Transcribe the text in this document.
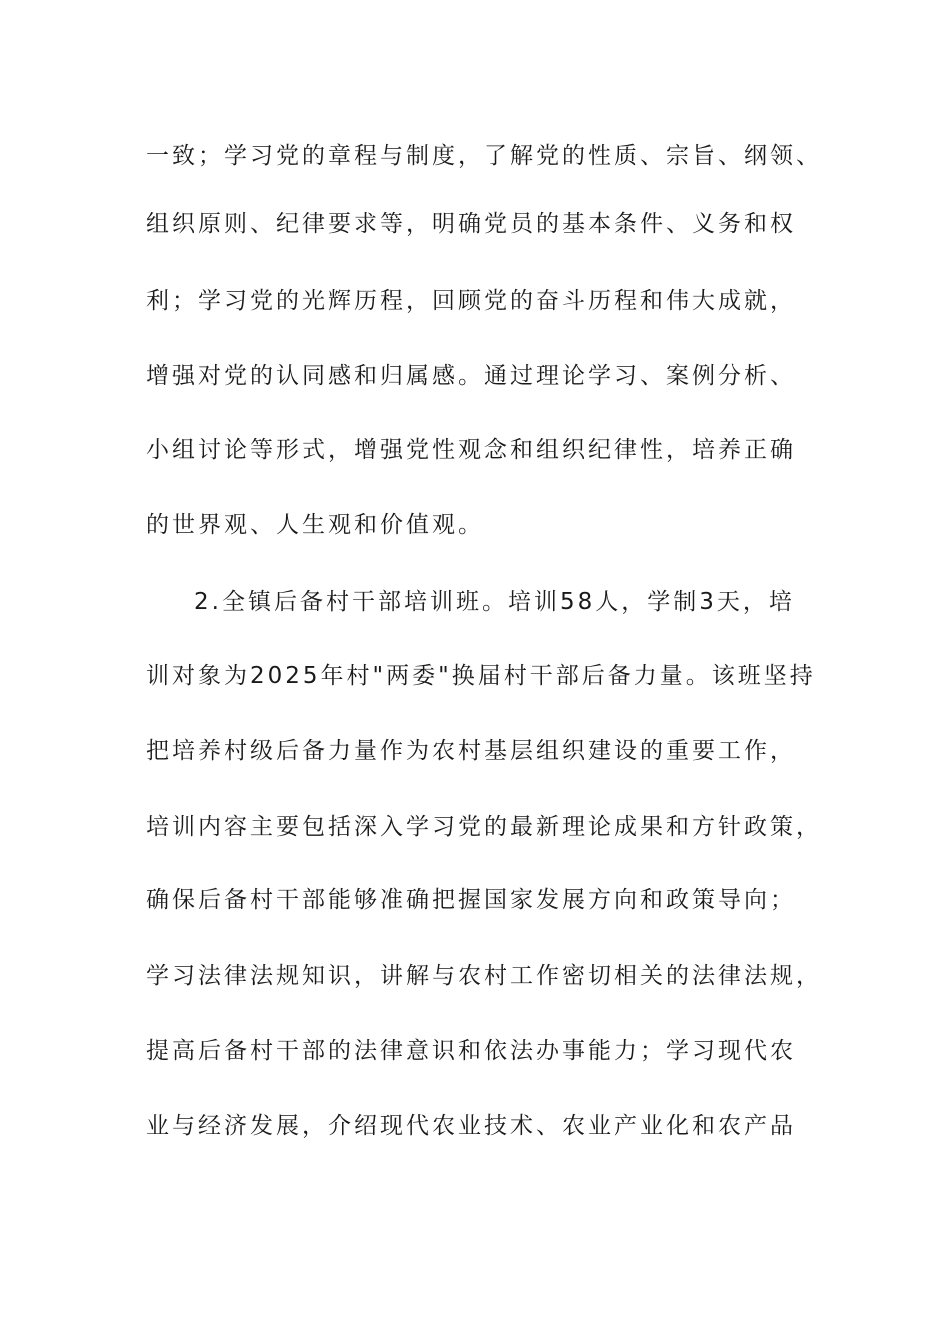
一致；学习党的章程与制度，了解党的性质、宗旨、纲领、
组织原则、纪律要求等，明确党员的基本条件、义务和权
利；学习党的光辉历程，回顾党的奋斗历程和伟大成就，
增强对党的认同感和归属感。通过理论学习、案例分析、
小组讨论等形式，增强党性观念和组织纪律性，培养正确
的世界观、人生观和价值观。
2.全镇后备村干部培训班。培训58人，学制3天，培
训对象为2025年村"两委"换届村干部后备力量。该班坚持
把培养村级后备力量作为农村基层组织建设的重要工作，
培训内容主要包括深入学习党的最新理论成果和方针政策，
确保后备村干部能够准确把握国家发展方向和政策导向；
学习法律法规知识，讲解与农村工作密切相关的法律法规，
提高后备村干部的法律意识和依法办事能力；学习现代农
业与经济发展，介绍现代农业技术、农业产业化和农产品
